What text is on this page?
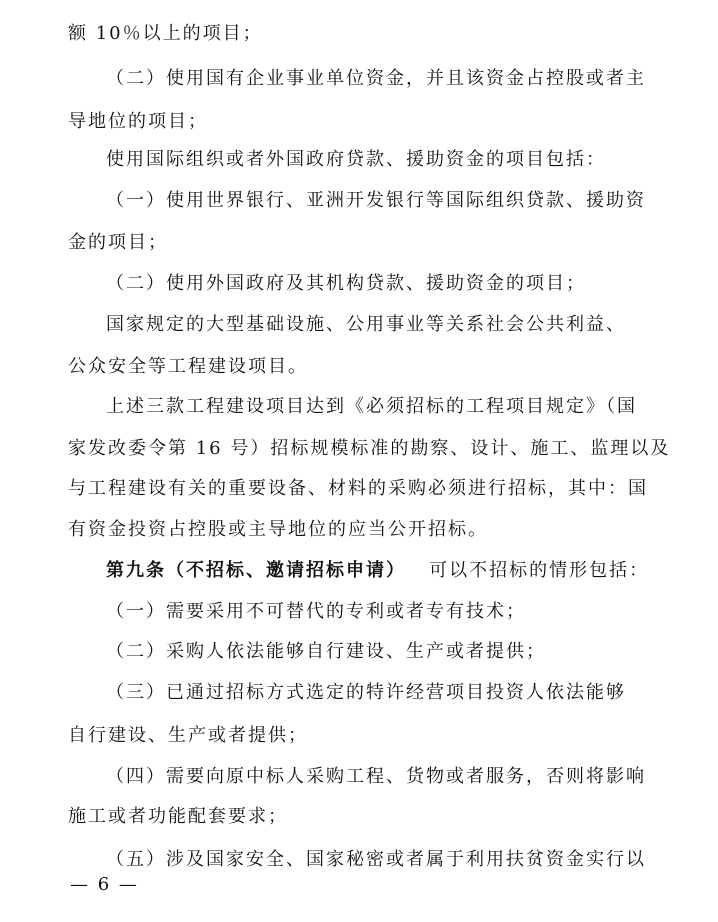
额 10％以上的项目；
（二）使用国有企业事业单位资金，并且该资金占控股或者主
导地位的项目；
使用国际组织或者外国政府贷款、援助资金的项目包括：
（一）使用世界银行、亚洲开发银行等国际组织贷款、援助资
金的项目；
（二）使用外国政府及其机构贷款、援助资金的项目；
国家规定的大型基础设施、公用事业等关系社会公共利益、
公众安全等工程建设项目。
上述三款工程建设项目达到《必须招标的工程项目规定》（国
家发改委令第 16 号）招标规模标准的勘察、设计、施工、监理以及
与工程建设有关的重要设备、材料的采购必须进行招标，其中：国
有资金投资占控股或主导地位的应当公开招标。
第九条（不招标、邀请招标申请） 可以不招标的情形包括：
（一）需要采用不可替代的专利或者专有技术；
（二）采购人依法能够自行建设、生产或者提供；
（三）已通过招标方式选定的特许经营项目投资人依法能够
自行建设、生产或者提供；
（四）需要向原中标人采购工程、货物或者服务，否则将影响
施工或者功能配套要求；
（五）涉及国家安全、国家秘密或者属于利用扶贫资金实行以
— 6 —
